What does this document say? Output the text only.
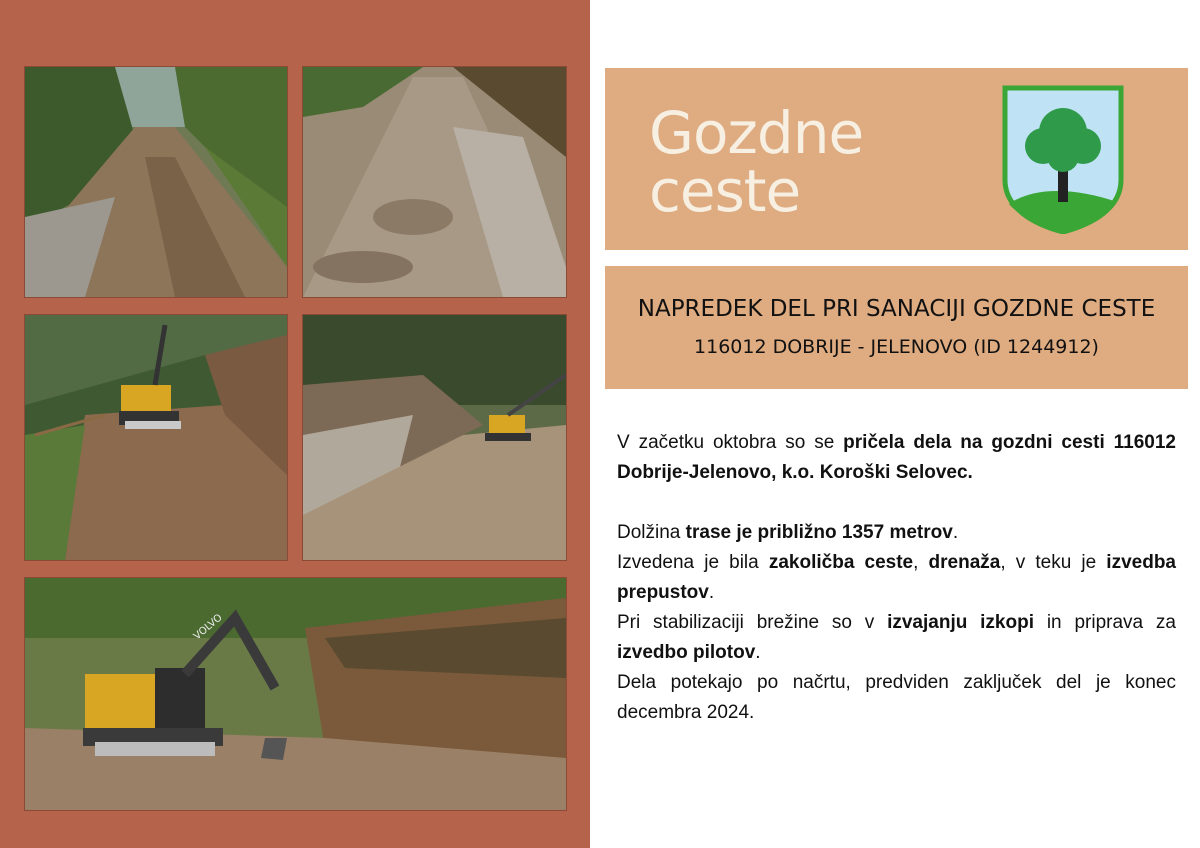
VOLVO
Gozdne
ceste
NAPREDEK DEL PRI SANACIJI GOZDNE CESTE
116012 DOBRIJE - JELENOVO (ID 1244912)

V začetku oktobra so se pričela dela na gozdni cesti 116012 Dobrije-Jelenovo, k.o. Koroški Selovec.

Dolžina trase je približno 1357 metrov.

Izvedena je bila zakoličba ceste, drenaža, v teku je izvedba prepustov.

Pri stabilizaciji brežine so v izvajanju izkopi in priprava za izvedbo pilotov.

Dela potekajo po načrtu, predviden zaključek del je konec decembra 2024.
